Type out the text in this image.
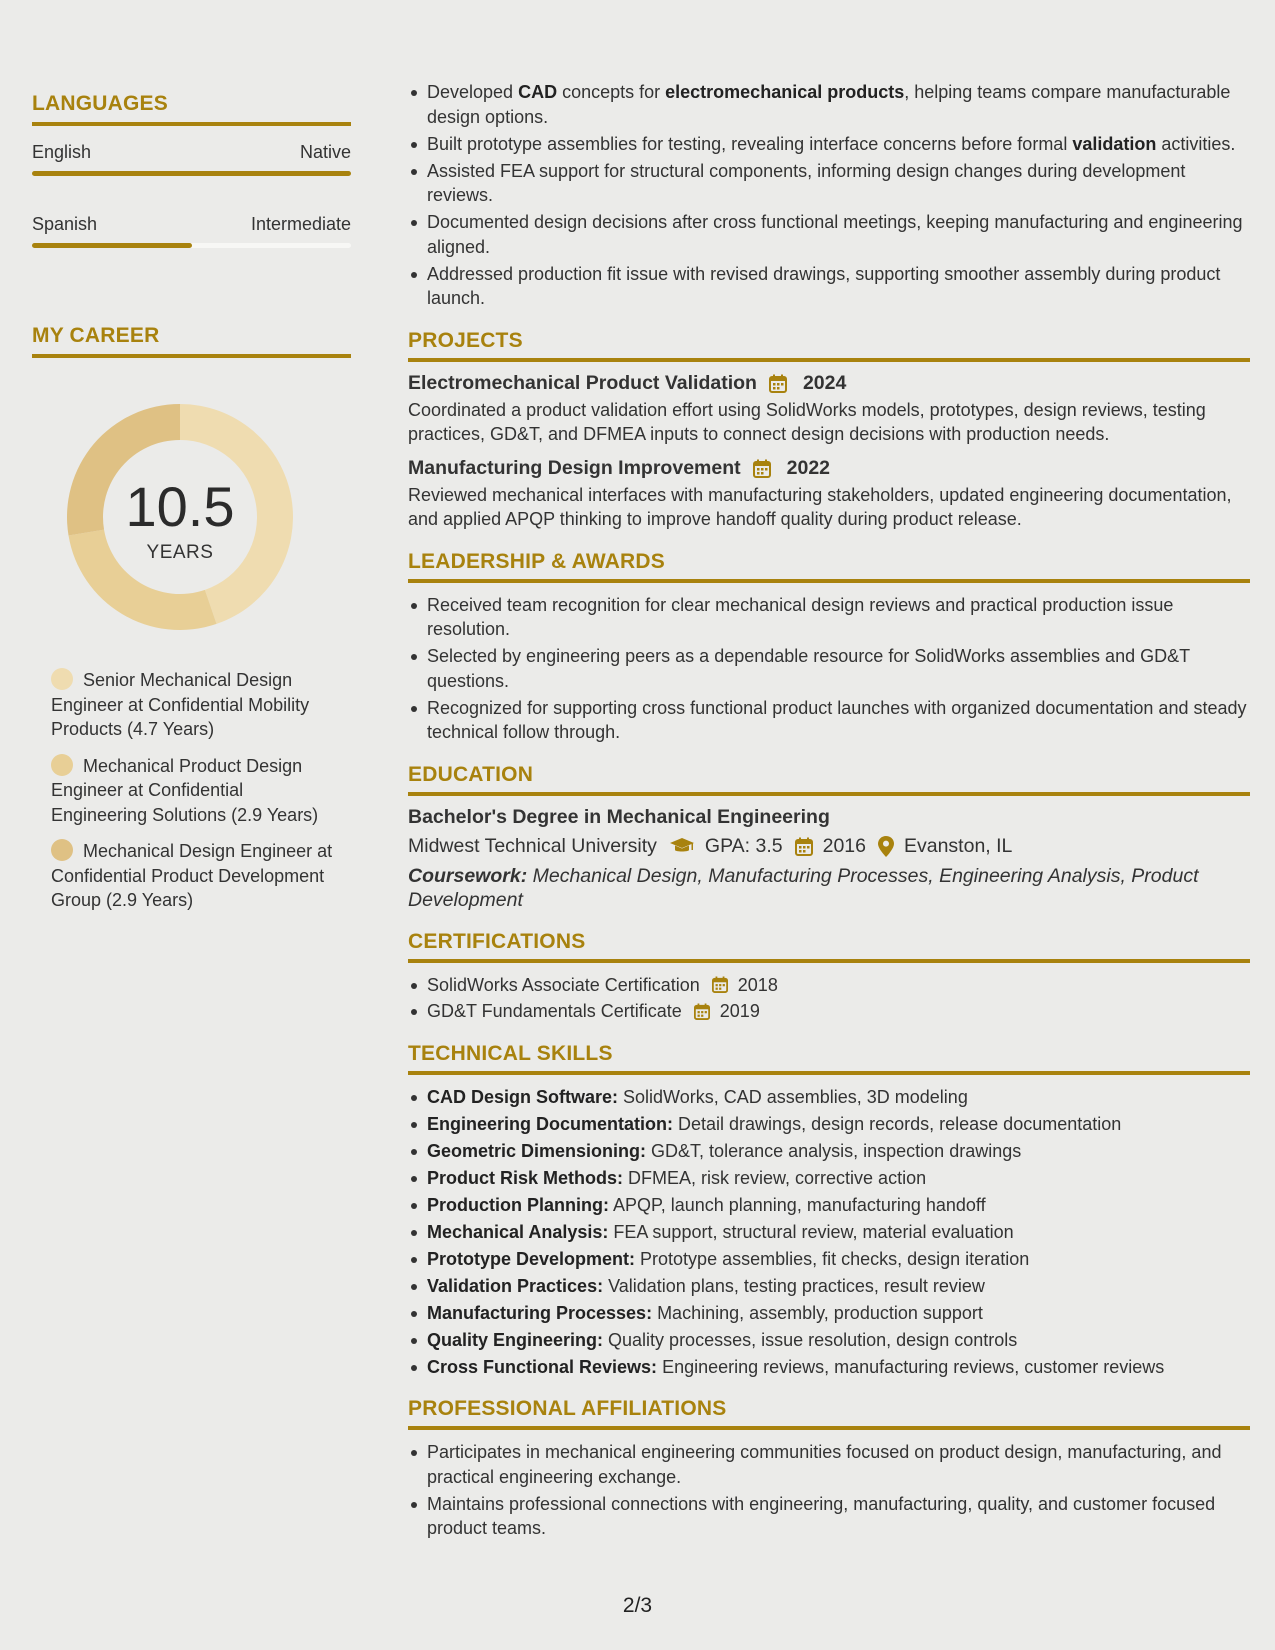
LANGUAGES
English	Native
Spanish	Intermediate
MY CAREER
10.5
YEARS
Senior Mechanical Design Engineer at Confidential Mobility Products (4.7 Years)
Mechanical Product Design Engineer at Confidential Engineering Solutions (2.9 Years)
Mechanical Design Engineer at Confidential Product Development Group (2.9 Years)
Developed CAD concepts for electromechanical products, helping teams compare manufacturable design options.
Built prototype assemblies for testing, revealing interface concerns before formal validation activities.
Assisted FEA support for structural components, informing design changes during development reviews.
Documented design decisions after cross functional meetings, keeping manufacturing and engineering aligned.
Addressed production fit issue with revised drawings, supporting smoother assembly during product launch.
PROJECTS
Electromechanical Product Validation 2024
Coordinated a product validation effort using SolidWorks models, prototypes, design reviews, testing practices, GD&T, and DFMEA inputs to connect design decisions with production needs.
Manufacturing Design Improvement 2022
Reviewed mechanical interfaces with manufacturing stakeholders, updated engineering documentation, and applied APQP thinking to improve handoff quality during product release.
LEADERSHIP & AWARDS
Received team recognition for clear mechanical design reviews and practical production issue resolution.
Selected by engineering peers as a dependable resource for SolidWorks assemblies and GD&T questions.
Recognized for supporting cross functional product launches with organized documentation and steady technical follow through.
EDUCATION
Bachelor's Degree in Mechanical Engineering
Midwest Technical University GPA: 3.5 2016 Evanston, IL
Coursework: Mechanical Design, Manufacturing Processes, Engineering Analysis, Product Development
CERTIFICATIONS
SolidWorks Associate Certification 2018
GD&T Fundamentals Certificate 2019
TECHNICAL SKILLS
CAD Design Software: SolidWorks, CAD assemblies, 3D modeling
Engineering Documentation: Detail drawings, design records, release documentation
Geometric Dimensioning: GD&T, tolerance analysis, inspection drawings
Product Risk Methods: DFMEA, risk review, corrective action
Production Planning: APQP, launch planning, manufacturing handoff
Mechanical Analysis: FEA support, structural review, material evaluation
Prototype Development: Prototype assemblies, fit checks, design iteration
Validation Practices: Validation plans, testing practices, result review
Manufacturing Processes: Machining, assembly, production support
Quality Engineering: Quality processes, issue resolution, design controls
Cross Functional Reviews: Engineering reviews, manufacturing reviews, customer reviews
PROFESSIONAL AFFILIATIONS
Participates in mechanical engineering communities focused on product design, manufacturing, and practical engineering exchange.
Maintains professional connections with engineering, manufacturing, quality, and customer focused product teams.
2/3
